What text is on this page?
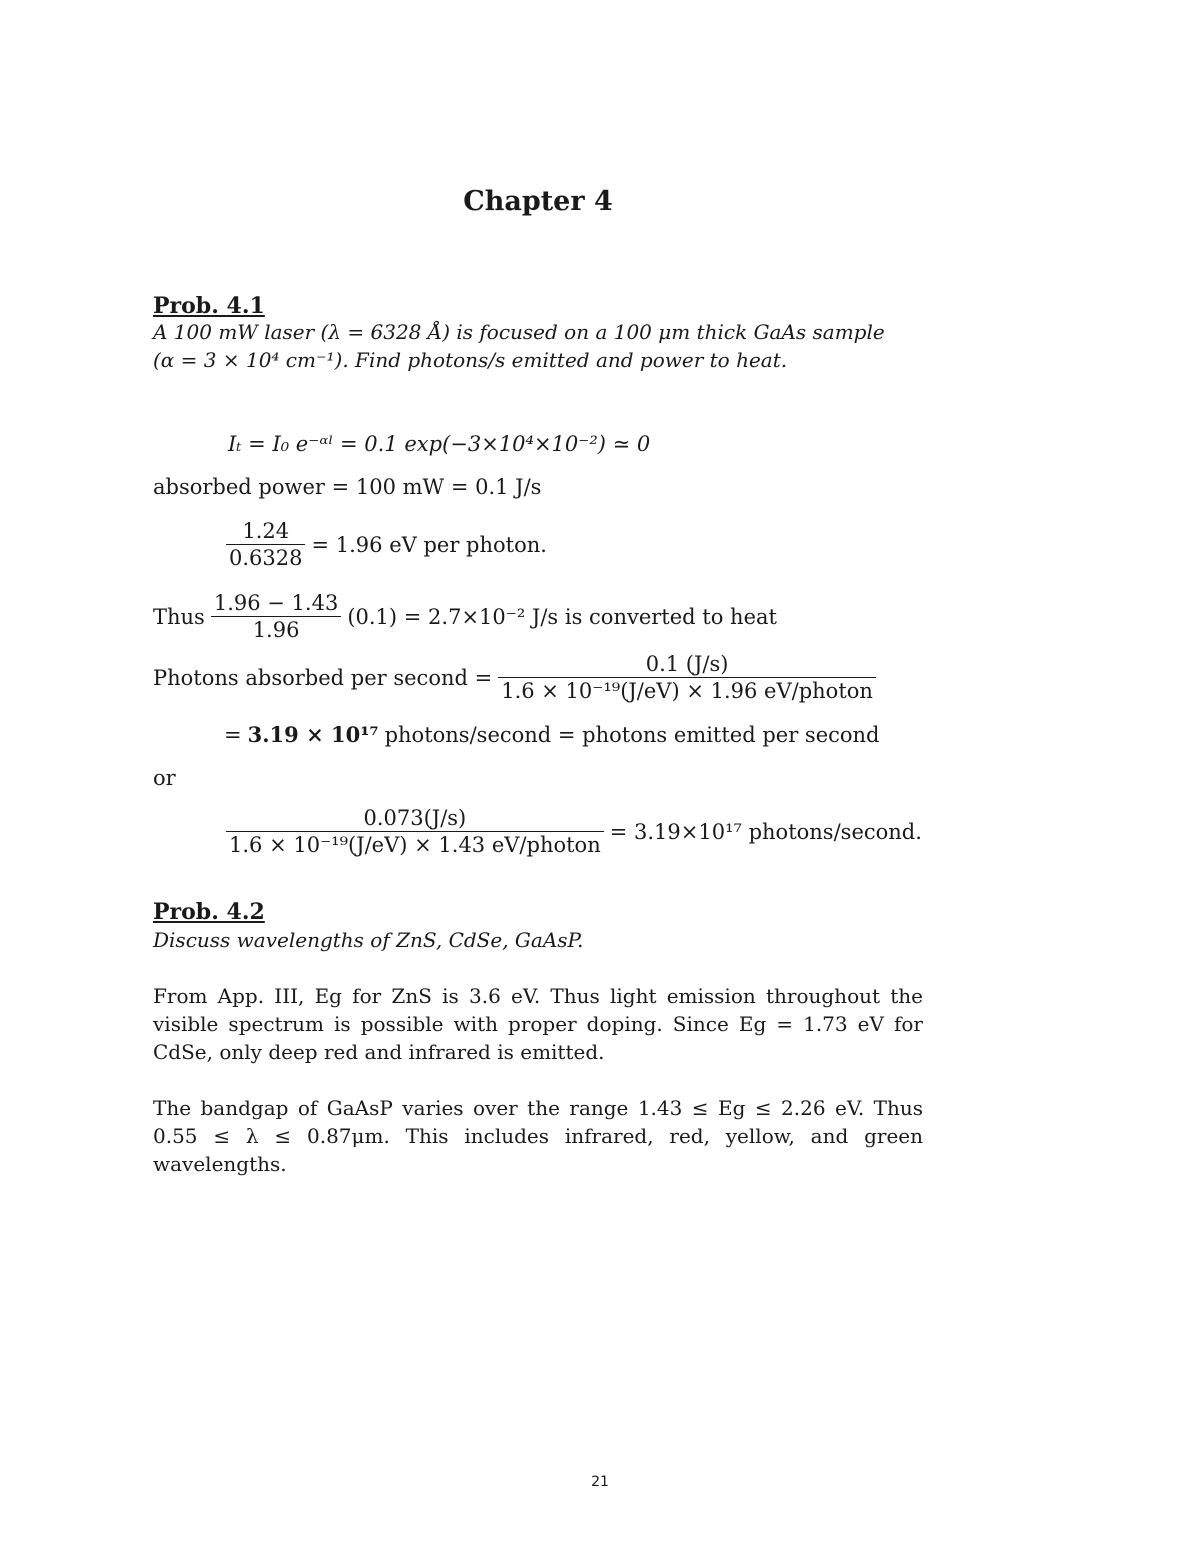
Chapter 4
Prob. 4.1
A 100 mW laser (λ = 6328 Å) is focused on a 100 μm thick GaAs sample
(α = 3 × 10⁴ cm⁻¹). Find photons/s emitted and power to heat.
Iₜ = I₀ e⁻ᵅˡ = 0.1 exp(−3×10⁴×10⁻²) ≃ 0
absorbed power = 100 mW = 0.1 J/s
$\frac{1.24}{0.6328} = 1.96$ eV per photon.
Thus $\frac{1.96 - 1.43}{1.96} (0.1) = 2.7\times 10^{-2}$ J/s is converted to heat
Photons absorbed per second = $\frac{0.1 (J/s)}{\text{1.6 × 10⁻¹⁹(J/eV) × 1.96 eV/photon}}$
= 3.19 × 10¹⁷ photons/second = photons emitted per second
or
$\frac{0.073(J/s)}{\text{1.6 × 10⁻¹⁹(J/eV) × 1.43 eV/photon}} = 3.19\times 10^{17}$ photons/second.
Prob. 4.2
Discuss wavelengths of ZnS, CdSe, GaAsP.
From App. III, Eg for ZnS is 3.6 eV. Thus light emission throughout the visible spectrum is possible with proper doping. Since Eg = 1.73 eV for CdSe, only deep red and infrared is emitted.
The bandgap of GaAsP varies over the range 1.43 ≤ Eg ≤ 2.26 eV. Thus 0.55 ≤ λ ≤ 0.87μm. This includes infrared, red, yellow, and green wavelengths.
21
